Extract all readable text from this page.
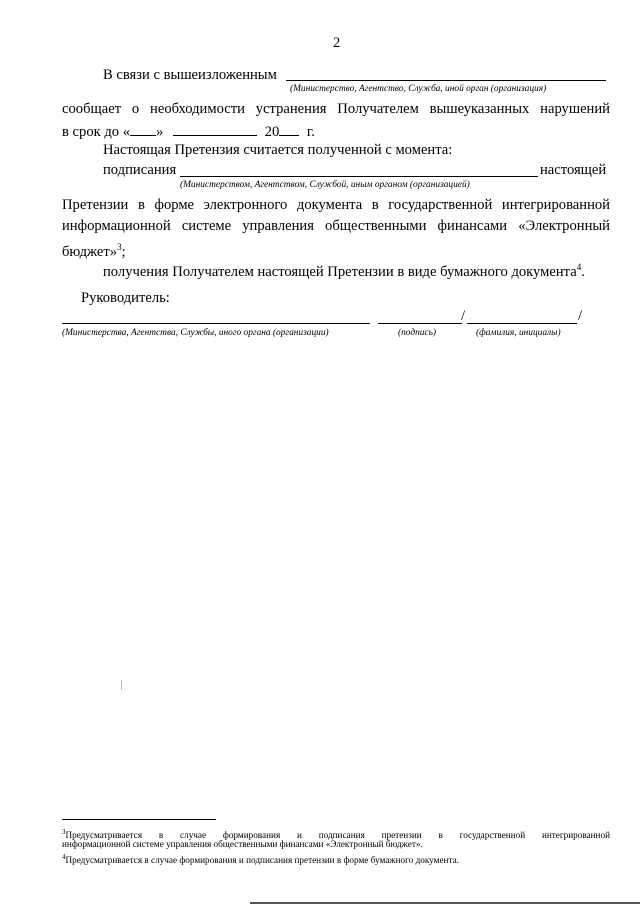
2
В связи с вышеизложенным
(Министерство, Агентство, Служба, иной орган (организация)
сообщает о необходимости устранения Получателем вышеуказанных нарушений
в срок до « »	20 г.
Настоящая Претензия считается полученной с момента:
подписания	настоящей
(Министерством, Агентством, Службой, иным органом (организацией)
Претензии в форме электронного документа в государственной интегрированной
информационной системе управления общественными финансами «Электронный
бюджет»$^3$;
получения Получателем настоящей Претензии в виде бумажного документа$^4$.
Руководитель:
/	/
(Министерства, Агентства, Службы, иного органа (организации)	(подпись)	(фамилия, инициалы)
$^3$Предусматривается в случае формирования и подписания претензии в государственной интегрированной
информационной системе управления общественными финансами «Электронный бюджет».
$^4$Предусматривается в случае формирования и подписания претензии в форме бумажного документа.
